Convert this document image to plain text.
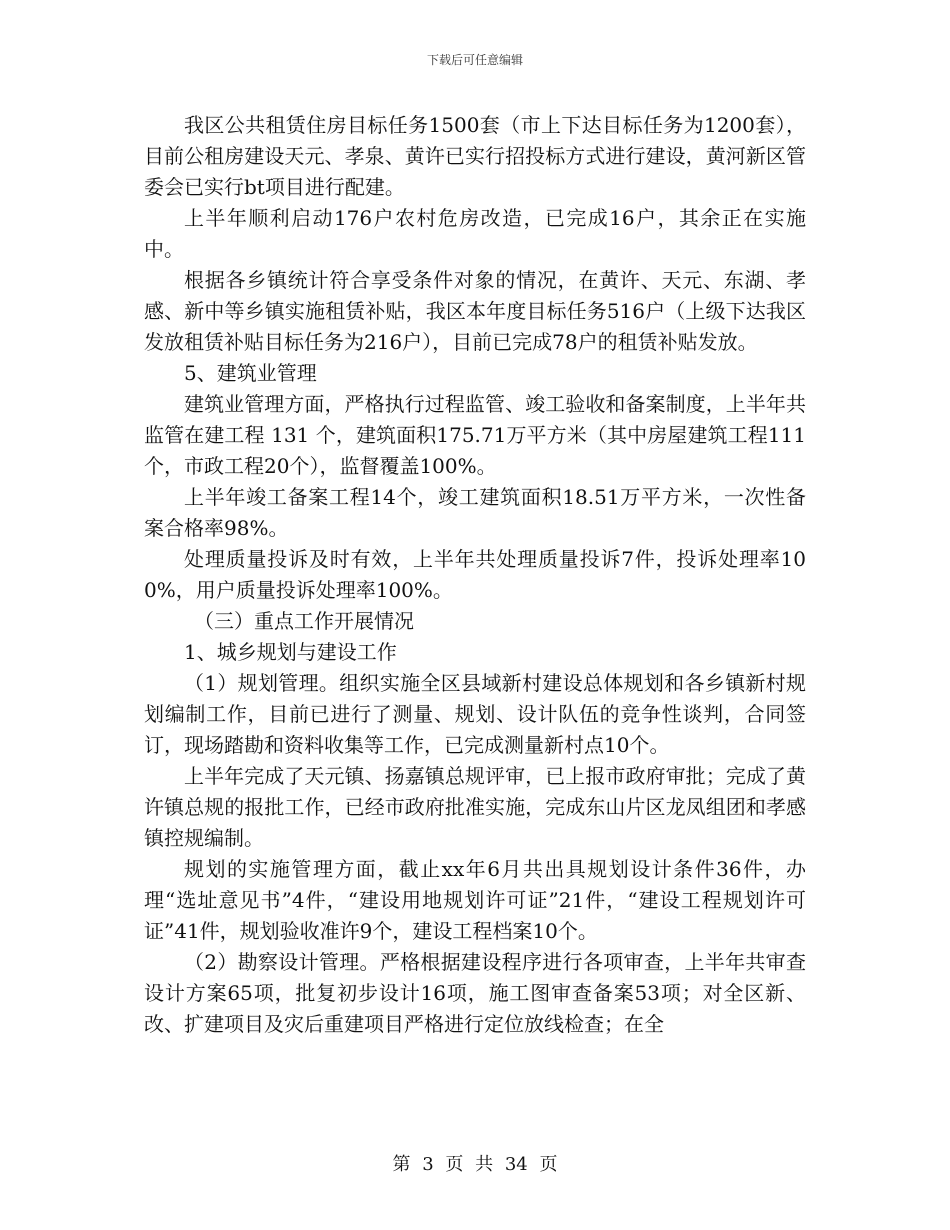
下载后可任意编辑

我区公共租赁住房目标任务1500套（市上下达目标任务为1200套），目前公租房建设天元、孝泉、黄许已实行招投标方式进行建设，黄河新区管委会已实行bt项目进行配建。

上半年顺利启动176户农村危房改造，已完成16户，其余正在实施中。

根据各乡镇统计符合享受条件对象的情况，在黄许、天元、东湖、孝感、新中等乡镇实施租赁补贴，我区本年度目标任务516户（上级下达我区发放租赁补贴目标任务为216户），目前已完成78户的租赁补贴发放。

5、建筑业管理

建筑业管理方面，严格执行过程监管、竣工验收和备案制度，上半年共监管在建工程 131 个，建筑面积175.71万平方米（其中房屋建筑工程111个，市政工程20个），监督覆盖100%。

上半年竣工备案工程14个，竣工建筑面积18.51万平方米，一次性备案合格率98%。

处理质量投诉及时有效，上半年共处理质量投诉7件，投诉处理率100%，用户质量投诉处理率100%。

（三）重点工作开展情况

1、城乡规划与建设工作

（1）规划管理。组织实施全区县域新村建设总体规划和各乡镇新村规划编制工作，目前已进行了测量、规划、设计队伍的竞争性谈判，合同签订，现场踏勘和资料收集等工作，已完成测量新村点10个。

上半年完成了天元镇、扬嘉镇总规评审，已上报市政府审批；完成了黄许镇总规的报批工作，已经市政府批准实施，完成东山片区龙凤组团和孝感镇控规编制。

规划的实施管理方面，截止xx年6月共出具规划设计条件36件，办理“选址意见书”4件，“建设用地规划许可证”21件，“建设工程规划许可证”41件，规划验收准许9个，建设工程档案10个。

（2）勘察设计管理。严格根据建设程序进行各项审查，上半年共审查设计方案65项，批复初步设计16项，施工图审查备案53项；对全区新、改、扩建项目及灾后重建项目严格进行定位放线检查；在全

第 3 页 共 34 页
